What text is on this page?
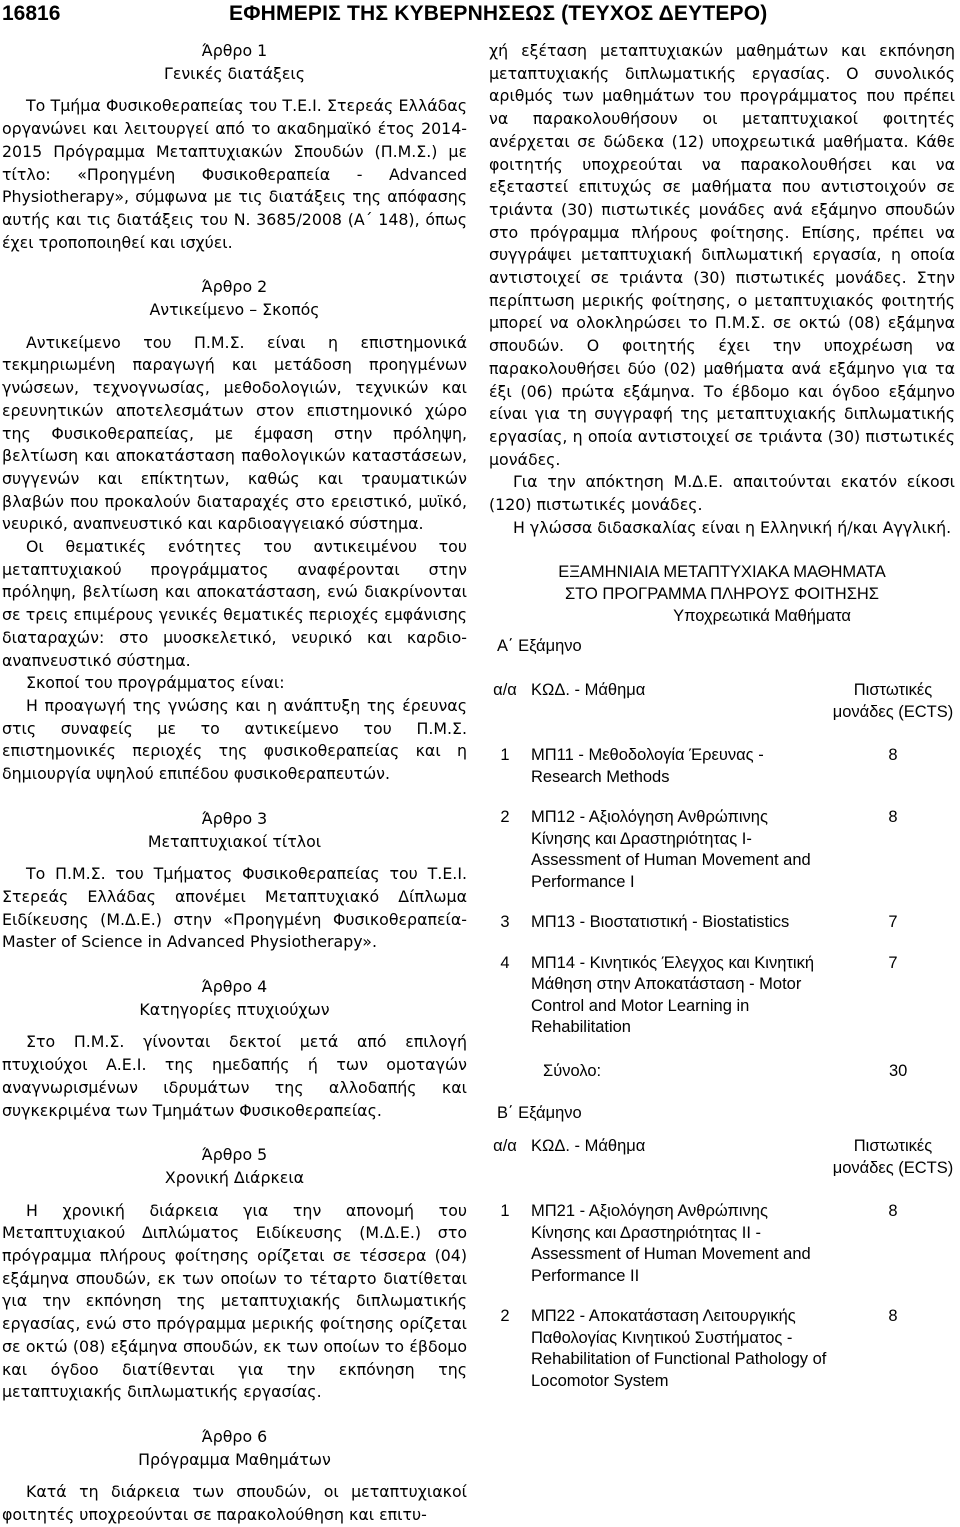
16816	ΕΦΗΜΕΡΙΣ ΤΗΣ ΚΥΒΕΡΝΗΣΕΩΣ (ΤΕΥΧΟΣ ΔΕΥΤΕΡΟ)
Άρθρο 1
Γενικές διατάξεις
Το Τμήμα Φυσικοθεραπείας του Τ.Ε.Ι. Στερεάς Ελλάδας οργανώνει και λειτουργεί από το ακαδημαϊκό έτος 2014-2015 Πρόγραμμα Μεταπτυχιακών Σπουδών (Π.Μ.Σ.) με τίτλο: «Προηγμένη Φυσικοθεραπεία - Advanced Physiotherapy», σύμφωνα με τις διατάξεις της απόφασης αυτής και τις διατάξεις του Ν. 3685/2008 (Α΄ 148), όπως έχει τροποποιηθεί και ισχύει.
Άρθρο 2
Αντικείμενο – Σκοπός
Αντικείμενο του Π.Μ.Σ. είναι η επιστημονικά τεκμηριωμένη παραγωγή και μετάδοση προηγμένων γνώσεων, τεχνογνωσίας, μεθοδολογιών, τεχνικών και ερευνητικών αποτελεσμάτων στον επιστημονικό χώρο της Φυσικοθεραπείας, με έμφαση στην πρόληψη, βελτίωση και αποκατάσταση παθολογικών καταστάσεων, συγγενών και επίκτητων, καθώς και τραυματικών βλαβών που προκαλούν διαταραχές στο ερειστικό, μυϊκό, νευρικό, αναπνευστικό και καρδιοαγγειακό σύστημα.
Οι θεματικές ενότητες του αντικειμένου του μεταπτυχιακού προγράμματος αναφέρονται στην πρόληψη, βελτίωση και αποκατάσταση, ενώ διακρίνονται σε τρεις επιμέρους γενικές θεματικές περιοχές εμφάνισης διαταραχών: στο μυοσκελετικό, νευρικό και καρδιο-αναπνευστικό σύστημα.
Σκοποί του προγράμματος είναι:
Η προαγωγή της γνώσης και η ανάπτυξη της έρευνας στις συναφείς με το αντικείμενο του Π.Μ.Σ. επιστημονικές περιοχές της φυσικοθεραπείας και η δημιουργία υψηλού επιπέδου φυσικοθεραπευτών.
Άρθρο 3
Μεταπτυχιακοί τίτλοι
Το Π.Μ.Σ. του Τμήματος Φυσικοθεραπείας του Τ.Ε.Ι. Στερεάς Ελλάδας απονέμει Μεταπτυχιακό Δίπλωμα Ειδίκευσης (Μ.Δ.Ε.) στην «Προηγμένη Φυσικοθεραπεία-Master of Science in Advanced Physiotherapy».
Άρθρο 4
Κατηγορίες πτυχιούχων
Στο Π.Μ.Σ. γίνονται δεκτοί μετά από επιλογή πτυχιούχοι Α.Ε.Ι. της ημεδαπής ή των ομοταγών αναγνωρισμένων ιδρυμάτων της αλλοδαπής και συγκεκριμένα των Τμημάτων Φυσικοθεραπείας.
Άρθρο 5
Χρονική Διάρκεια
Η χρονική διάρκεια για την απονομή του Μεταπτυχιακού Διπλώματος Ειδίκευσης (Μ.Δ.Ε.) στο πρόγραμμα πλήρους φοίτησης ορίζεται σε τέσσερα (04) εξάμηνα σπουδών, εκ των οποίων το τέταρτο διατίθεται για την εκπόνηση της μεταπτυχιακής διπλωματικής εργασίας, ενώ στο πρόγραμμα μερικής φοίτησης ορίζεται σε οκτώ (08) εξάμηνα σπουδών, εκ των οποίων το έβδομο και όγδοο διατίθενται για την εκπόνηση της μεταπτυχιακής διπλωματικής εργασίας.
Άρθρο 6
Πρόγραμμα Μαθημάτων
Κατά τη διάρκεια των σπουδών, οι μεταπτυχιακοί φοιτητές υποχρεούνται σε παρακολούθηση και επιτυ-
χή εξέταση μεταπτυχιακών μαθημάτων και εκπόνηση μεταπτυχιακής διπλωματικής εργασίας. Ο συνολικός αριθμός των μαθημάτων του προγράμματος που πρέπει να παρακολουθήσουν οι μεταπτυχιακοί φοιτητές ανέρχεται σε δώδεκα (12) υποχρεωτικά μαθήματα. Κάθε φοιτητής υποχρεούται να παρακολουθήσει και να εξεταστεί επιτυχώς σε μαθήματα που αντιστοιχούν σε τριάντα (30) πιστωτικές μονάδες ανά εξάμηνο σπουδών στο πρόγραμμα πλήρους φοίτησης. Επίσης, πρέπει να συγγράψει μεταπτυχιακή διπλωματική εργασία, η οποία αντιστοιχεί σε τριάντα (30) πιστωτικές μονάδες. Στην περίπτωση μερικής φοίτησης, ο μεταπτυχιακός φοιτητής μπορεί να ολοκληρώσει το Π.Μ.Σ. σε οκτώ (08) εξάμηνα σπουδών. Ο φοιτητής έχει την υποχρέωση να παρακολουθήσει δύο (02) μαθήματα ανά εξάμηνο για τα έξι (06) πρώτα εξάμηνα. Το έβδομο και όγδοο εξάμηνο είναι για τη συγγραφή της μεταπτυχιακής διπλωματικής εργασίας, η οποία αντιστοιχεί σε τριάντα (30) πιστωτικές μονάδες.
Για την απόκτηση Μ.Δ.Ε. απαιτούνται εκατόν είκοσι (120) πιστωτικές μονάδες.
Η γλώσσα διδασκαλίας είναι η Ελληνική ή/και Αγγλική.
ΕΞΑΜΗΝΙΑΙΑ ΜΕΤΑΠΤΥΧΙΑΚΑ ΜΑΘΗΜΑΤΑ
ΣΤΟ ΠΡΟΓΡΑΜΜΑ ΠΛΗΡΟΥΣ ΦΟΙΤΗΣΗΣ
Υποχρεωτικά Μαθήματα
Α΄ Εξάμηνο
α/α	ΚΩΔ. - Μάθημα	Πιστωτικές μονάδες (ECTS)
1	ΜΠ11 - Μεθοδολογία Έρευνας - Research Methods	8
2	ΜΠ12 - Αξιολόγηση Ανθρώπινης Κίνησης και Δραστηριότητας I- Assessment of Human Movement and Performance I	8
3	ΜΠ13 - Βιοστατιστική - Biostatistics	7
4	ΜΠ14 - Κινητικός Έλεγχος και Κινητική Μάθηση στην Αποκατάσταση - Motor Control and Motor Learning in Rehabilitation	7
Σύνολο:	30
Β΄ Εξάμηνο
α/α	ΚΩΔ. - Μάθημα	Πιστωτικές μονάδες (ECTS)
1	ΜΠ21 - Αξιολόγηση Ανθρώπινης Κίνησης και Δραστηριότητας II - Assessment of Human Movement and Performance II	8
2	ΜΠ22 - Αποκατάσταση Λειτουργικής Παθολογίας Κινητικού Συστήματος - Rehabilitation of Functional Pathology of Locomotor System	8
